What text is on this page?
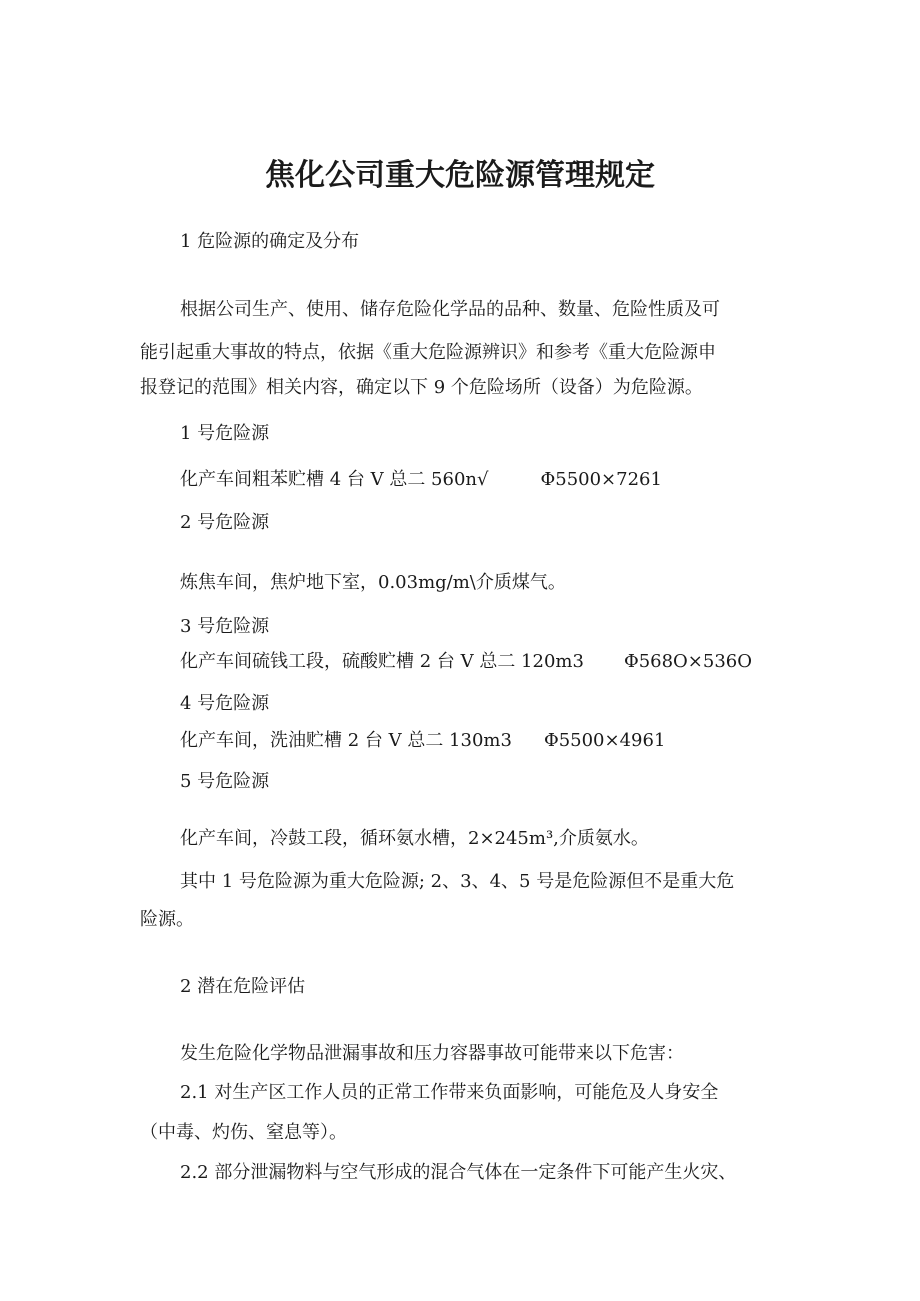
焦化公司重大危险源管理规定
1 危险源的确定及分布
根据公司生产、使用、储存危险化学品的品种、数量、危险性质及可
能引起重大事故的特点，依据《重大危险源辨识》和参考《重大危险源申
报登记的范围》相关内容，确定以下 9 个危险场所（设备）为危险源。
1 号危险源
化产车间粗苯贮槽 4 台 V 总二 560n√	Φ5500×7261
2 号危险源
炼焦车间，焦炉地下室，0.03mg∕m\介质煤气。
3 号危险源
化产车间硫钱工段，硫酸贮槽 2 台 V 总二 120m3 Φ568O×536O
4 号危险源
化产车间，洗油贮槽 2 台 V 总二 130m3 Φ5500×4961
5 号危险源
化产车间，冷鼓工段，循环氨水槽，2×245m³,介质氨水。
其中 1 号危险源为重大危险源; 2、3、4、5 号是危险源但不是重大危
险源。
2 潜在危险评估
发生危险化学物品泄漏事故和压力容器事故可能带来以下危害：
2.1 对生产区工作人员的正常工作带来负面影响，可能危及人身安全
（中毒、灼伤、窒息等）。
2.2 部分泄漏物料与空气形成的混合气体在一定条件下可能产生火灾、
